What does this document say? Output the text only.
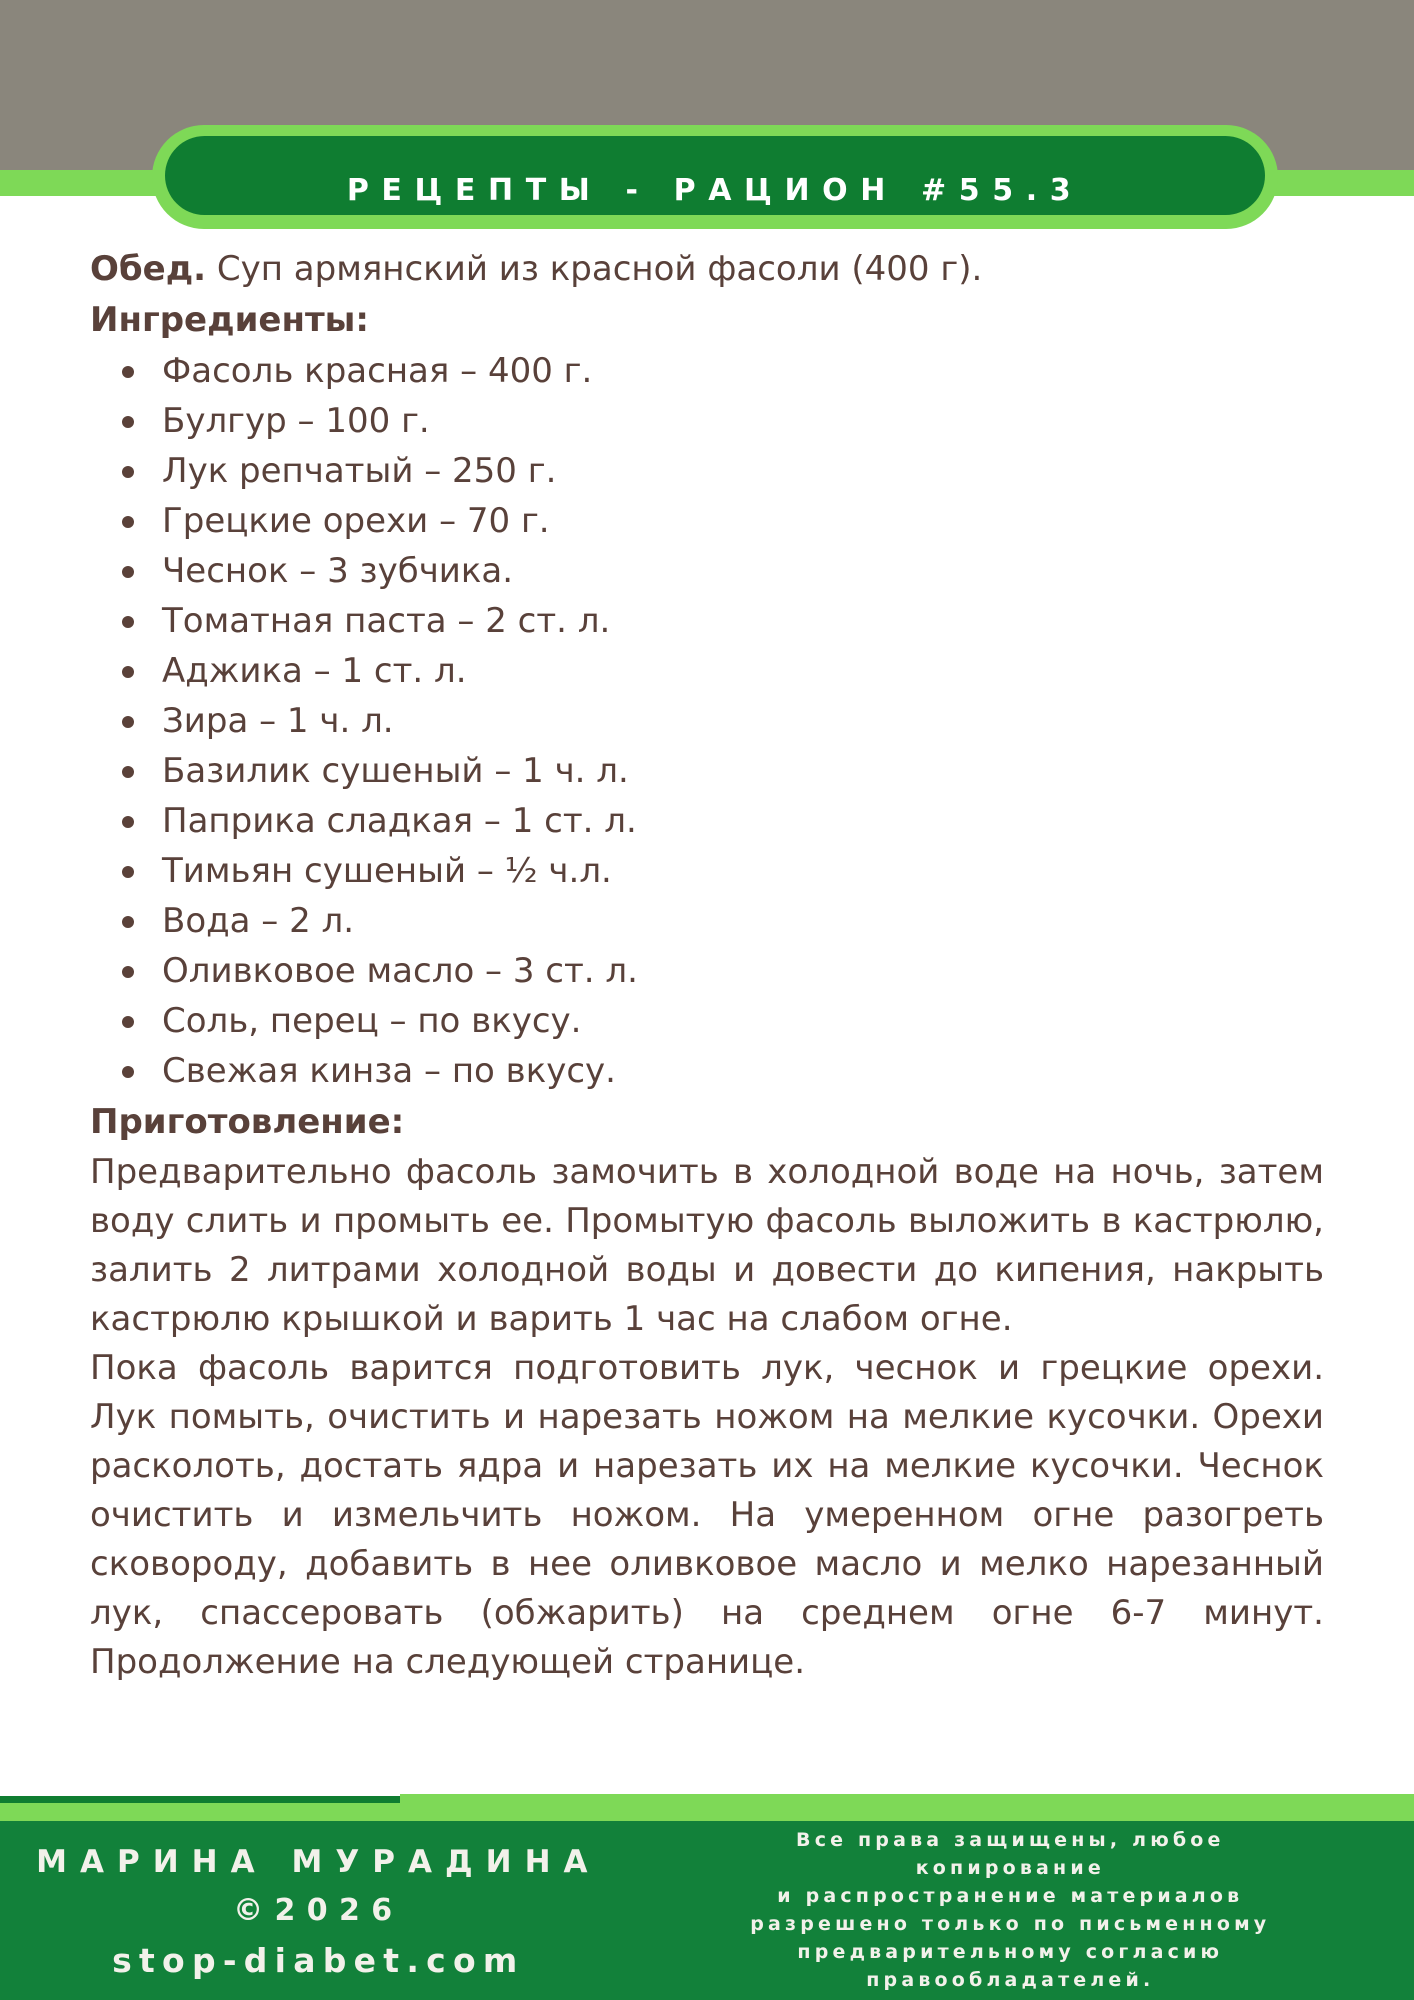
РЕЦЕПТЫ - РАЦИОН #55.3
Обед. Суп армянский из красной фасоли (400 г).
Ингредиенты:
Фасоль красная – 400 г.
Булгур – 100 г.
Лук репчатый – 250 г.
Грецкие орехи – 70 г.
Чеснок – 3 зубчика.
Томатная паста – 2 ст. л.
Аджика – 1 ст. л.
Зира – 1 ч. л.
Базилик сушеный – 1 ч. л.
Паприка сладкая – 1 ст. л.
Тимьян сушеный – ½ ч.л.
Вода – 2 л.
Оливковое масло – 3 ст. л.
Соль, перец – по вкусу.
Свежая кинза – по вкусу.
Приготовление:

Предварительно фасоль замочить в холодной воде на ночь, затем воду слить и промыть ее. Промытую фасоль выложить в кастрюлю, залить 2 литрами холодной воды и довести до кипения, накрыть кастрюлю крышкой и варить 1 час на слабом огне.

Пока фасоль варится подготовить лук, чеснок и грецкие орехи. Лук помыть, очистить и нарезать ножом на мелкие кусочки. Орехи расколоть, достать ядра и нарезать их на мелкие кусочки. Чеснок очистить и измельчить ножом. На умеренном огне разогреть сковороду, добавить в нее оливковое масло и мелко нарезанный лук, спассеровать (обжарить) на среднем огне 6-7 минут. Продолжение на следующей странице.

МАРИНА МУРАДИНА
©2026
stop-diabet.com
Все права защищены, любое
копирование
и распространение материалов
разрешено только по письменному
предварительному согласию
правообладателей.
